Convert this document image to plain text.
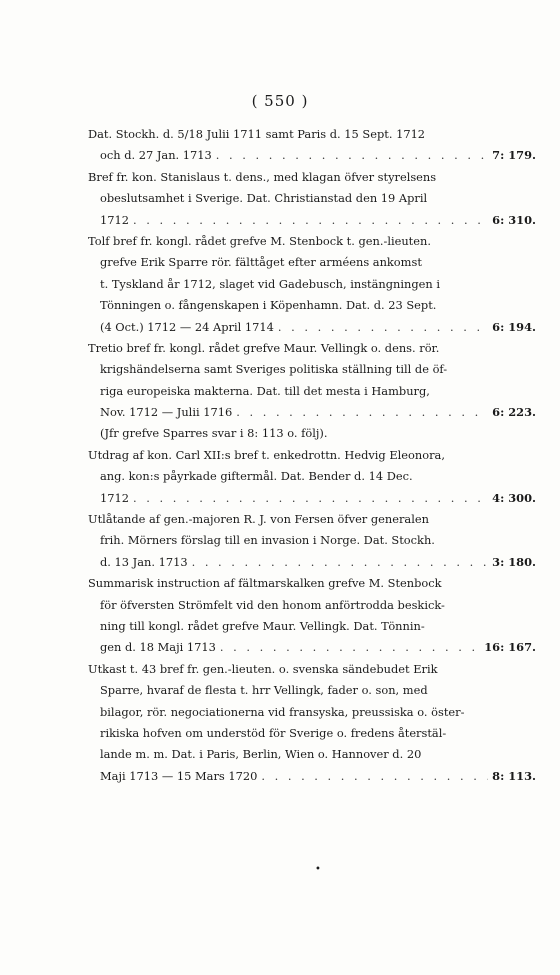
( 550 )
Dat. Stockh. d. 5/18 Julii 1711 samt Paris d. 15 Sept. 1712
och d. 27 Jan. 1713 . . .	7: 179.
Bref fr. kon. Stanislaus t. dens., med klagan öfver styrelsens
obeslutsamhet i Sverige. Dat. Christianstad den 19 April
1712 . . .	6: 310.
Tolf bref fr. kongl. rådet grefve M. Stenbock t. gen.-lieuten.
grefve Erik Sparre rör. fälttåget efter arméens ankomst
t. Tyskland år 1712, slaget vid Gadebusch, instängningen i
Tönningen o. fångenskapen i Köpenhamn. Dat. d. 23 Sept.
(4 Oct.) 1712 — 24 April 1714 . . .	6: 194.
Tretio bref fr. kongl. rådet grefve Maur. Vellingk o. dens. rör.
krigshändelserna samt Sveriges politiska ställning till de öf-
riga europeiska makterna. Dat. till det mesta i Hamburg,
Nov. 1712 — Julii 1716 . . .	6: 223.
(Jfr grefve Sparres svar i 8: 113 o. följ).
Utdrag af kon. Carl XII:s bref t. enkedrottn. Hedvig Eleonora,
ang. kon:s påyrkade giftermål. Dat. Bender d. 14 Dec.
1712 . . .	4: 300.
Utlåtande af gen.-majoren R. J. von Fersen öfver generalen
frih. Mörners förslag till en invasion i Norge. Dat. Stockh.
d. 13 Jan. 1713 . . .	3: 180.
Summarisk instruction af fältmarskalken grefve M. Stenbock
för öfversten Strömfelt vid den honom anförtrodda beskick-
ning till kongl. rådet grefve Maur. Vellingk. Dat. Tönnin-
gen d. 18 Maji 1713 . . .	16: 167.
Utkast t. 43 bref fr. gen.-lieuten. o. svenska sändebudet Erik
Sparre, hvaraf de flesta t. hrr Vellingk, fader o. son, med
bilagor, rör. negociationerna vid fransyska, preussiska o. öster-
rikiska hofven om understöd för Sverige o. fredens återstäl-
lande m. m. Dat. i Paris, Berlin, Wien o. Hannover d. 20
Maji 1713 — 15 Mars 1720 . . .	8: 113.
•
